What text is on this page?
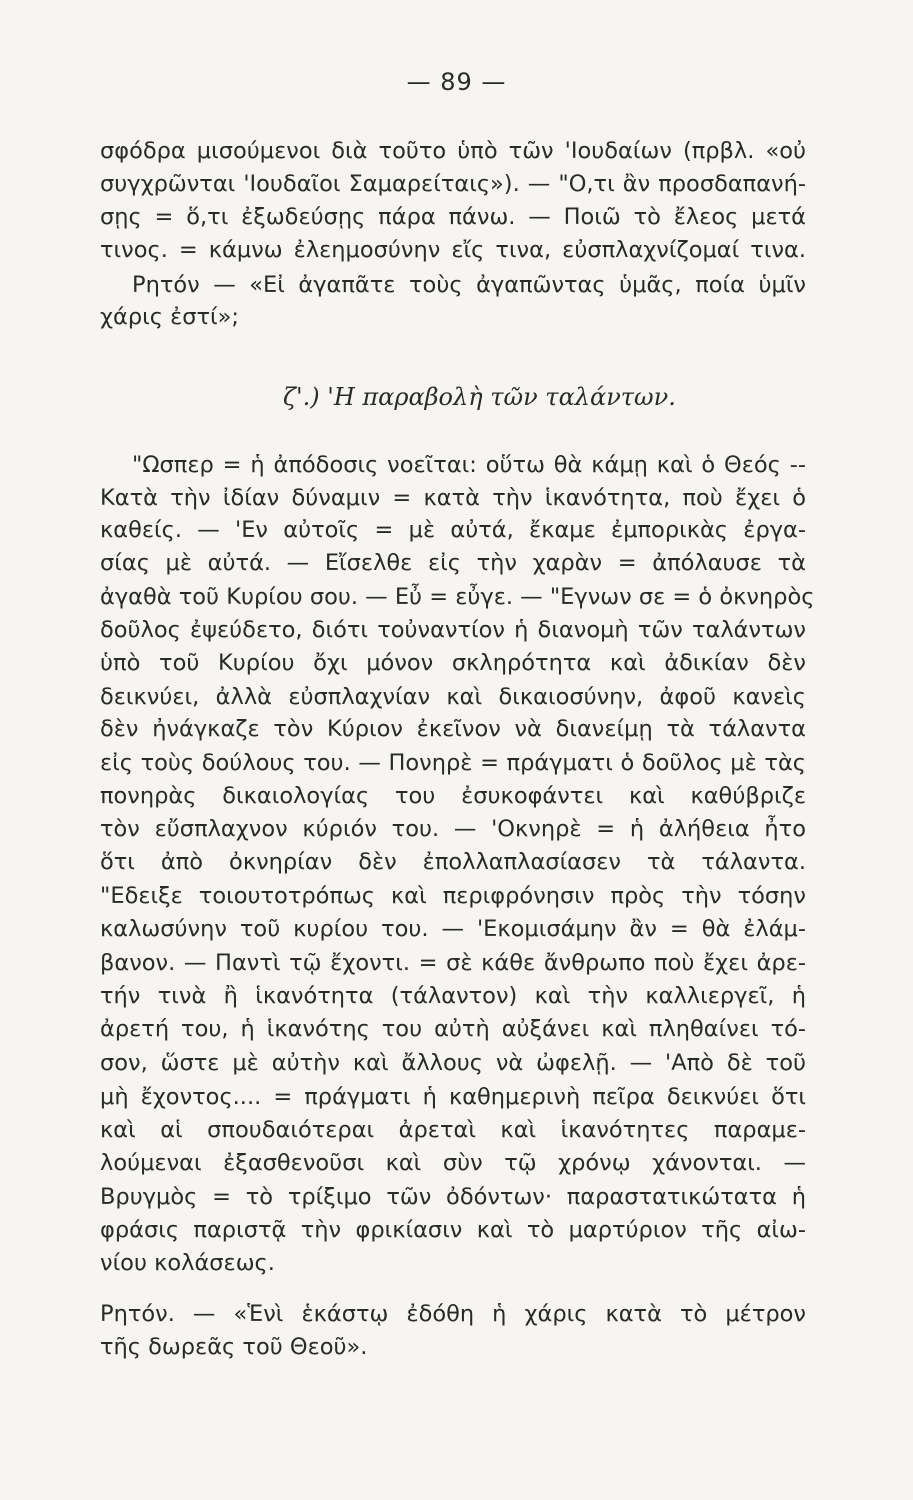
— 89 —
σφόδρα μισούμενοι διὰ τοῦτο ὑπὸ τῶν 'Ιουδαίων (πρβλ. «οὐ
συγχρῶνται 'Ιουδαῖοι Σαμαρείταις»). — "Ο,τι ἂν προσδαπανή-
σῃς = ὅ,τι ἐξωδεύσῃς πάρα πάνω. — Ποιῶ τὸ ἔλεος μετά
τινος. = κάμνω ἐλεημοσύνην εἴς τινα, εὐσπλαχνίζομαί τινα.
Ρητόν — «Εἰ ἀγαπᾶτε τοὺς ἀγαπῶντας ὑμᾶς, ποία ὑμῖν
χάρις ἐστί»;
"Ωσπερ = ἡ ἀπόδοσις νοεῖται: οὕτω θὰ κάμῃ καὶ ὁ Θεός --
Κατὰ τὴν ἰδίαν δύναμιν = κατὰ τὴν ἱκανότητα, ποὺ ἔχει ὁ
καθείς. — 'Εν αὐτοῖς = μὲ αὐτά, ἔκαμε ἐμπορικὰς ἐργα-
σίας μὲ αὐτά. — Εἴσελθε εἰς τὴν χαρὰν = ἀπόλαυσε τὰ
ἀγαθὰ τοῦ Κυρίου σου. — Εὖ = εὖγε. — "Εγνων σε = ὁ ὀκνηρὸς
δοῦλος ἐψεύδετο, διότι τοὐναντίον ἡ διανομὴ τῶν ταλάντων
ὑπὸ τοῦ Κυρίου ὄχι μόνον σκληρότητα καὶ ἀδικίαν δὲν
δεικνύει, ἀλλὰ εὐσπλαχνίαν καὶ δικαιοσύνην, ἀφοῦ κανεὶς
δὲν ἠνάγκαζε τὸν Κύριον ἐκεῖνον νὰ διανείμῃ τὰ τάλαντα
εἰς τοὺς δούλους του. — Πονηρὲ = πράγματι ὁ δοῦλος μὲ τὰς
πονηρὰς δικαιολογίας του ἐσυκοφάντει καὶ καθύβριζε
τὸν εὔσπλαχνον κύριόν του. — 'Οκνηρὲ = ἡ ἀλήθεια ἦτο
ὅτι ἀπὸ ὀκνηρίαν δὲν ἐπολλαπλασίασεν τὰ τάλαντα.
"Εδειξε τοιουτοτρόπως καὶ περιφρόνησιν πρὸς τὴν τόσην
καλωσύνην τοῦ κυρίου του. — 'Εκομισάμην ἂν = θὰ ἐλάμ-
βανον. — Παντὶ τῷ ἔχοντι. = σὲ κάθε ἄνθρωπο ποὺ ἔχει ἀρε-
τήν τινὰ ἢ ἱκανότητα (τάλαντον) καὶ τὴν καλλιεργεῖ, ἡ
ἀρετή του, ἡ ἱκανότης του αὐτὴ αὐξάνει καὶ πληθαίνει τό-
σον, ὥστε μὲ αὐτὴν καὶ ἄλλους νὰ ὠφελῇ. — 'Απὸ δὲ τοῦ
μὴ ἔχοντος.... = πράγματι ἡ καθημερινὴ πεῖρα δεικνύει ὅτι
καὶ αἱ σπουδαιότεραι ἀρεταὶ καὶ ἱκανότητες παραμε-
λούμεναι ἐξασθενοῦσι καὶ σὺν τῷ χρόνῳ χάνονται. —
Βρυγμὸς = τὸ τρίξιμο τῶν ὀδόντων· παραστατικώτατα ἡ
φράσις παριστᾷ τὴν φρικίασιν καὶ τὸ μαρτύριον τῆς αἰω-
νίου κολάσεως.
Ρητόν. — «Ἑνὶ ἑκάστῳ ἐδόθη ἡ χάρις κατὰ τὸ μέτρον
τῆς δωρεᾶς τοῦ Θεοῦ».
ζ'.) 'Η παραβολὴ τῶν ταλάντων.
